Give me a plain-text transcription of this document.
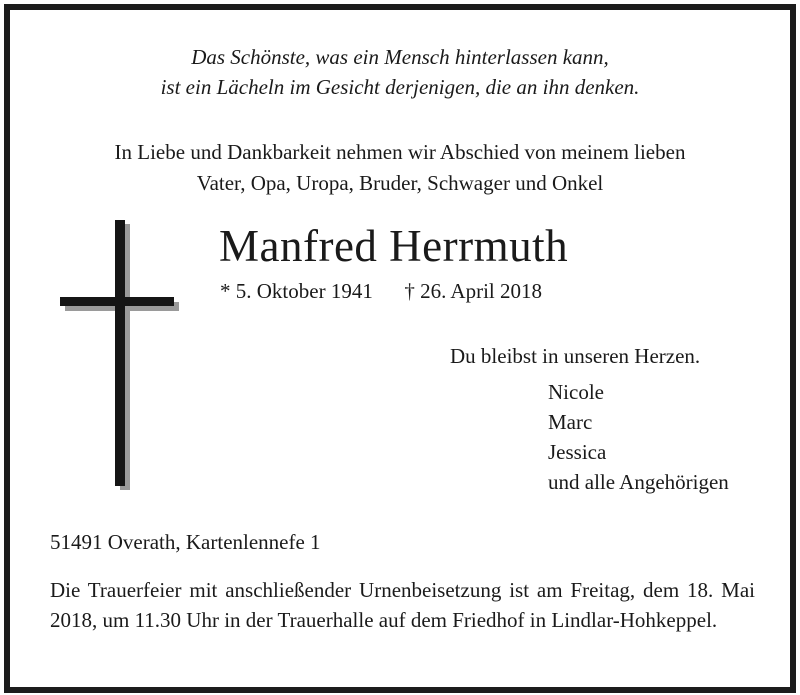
Das Schönste, was ein Mensch hinterlassen kann,
ist ein Lächeln im Gesicht derjenigen, die an ihn denken.
In Liebe und Dankbarkeit nehmen wir Abschied von meinem lieben
Vater, Opa, Uropa, Bruder, Schwager und Onkel
Manfred Herrmuth
* 5. Oktober 1941 † 26. April 2018
Du bleibst in unseren Herzen.
Nicole
Marc
Jessica
und alle Angehörigen
51491 Overath, Kartenlennefe 1
Die Trauerfeier mit anschließender Urnenbeisetzung ist am Freitag, dem 18. Mai 2018, um 11.30 Uhr in der Trauerhalle auf dem Friedhof in Lindlar-Hohkeppel.
